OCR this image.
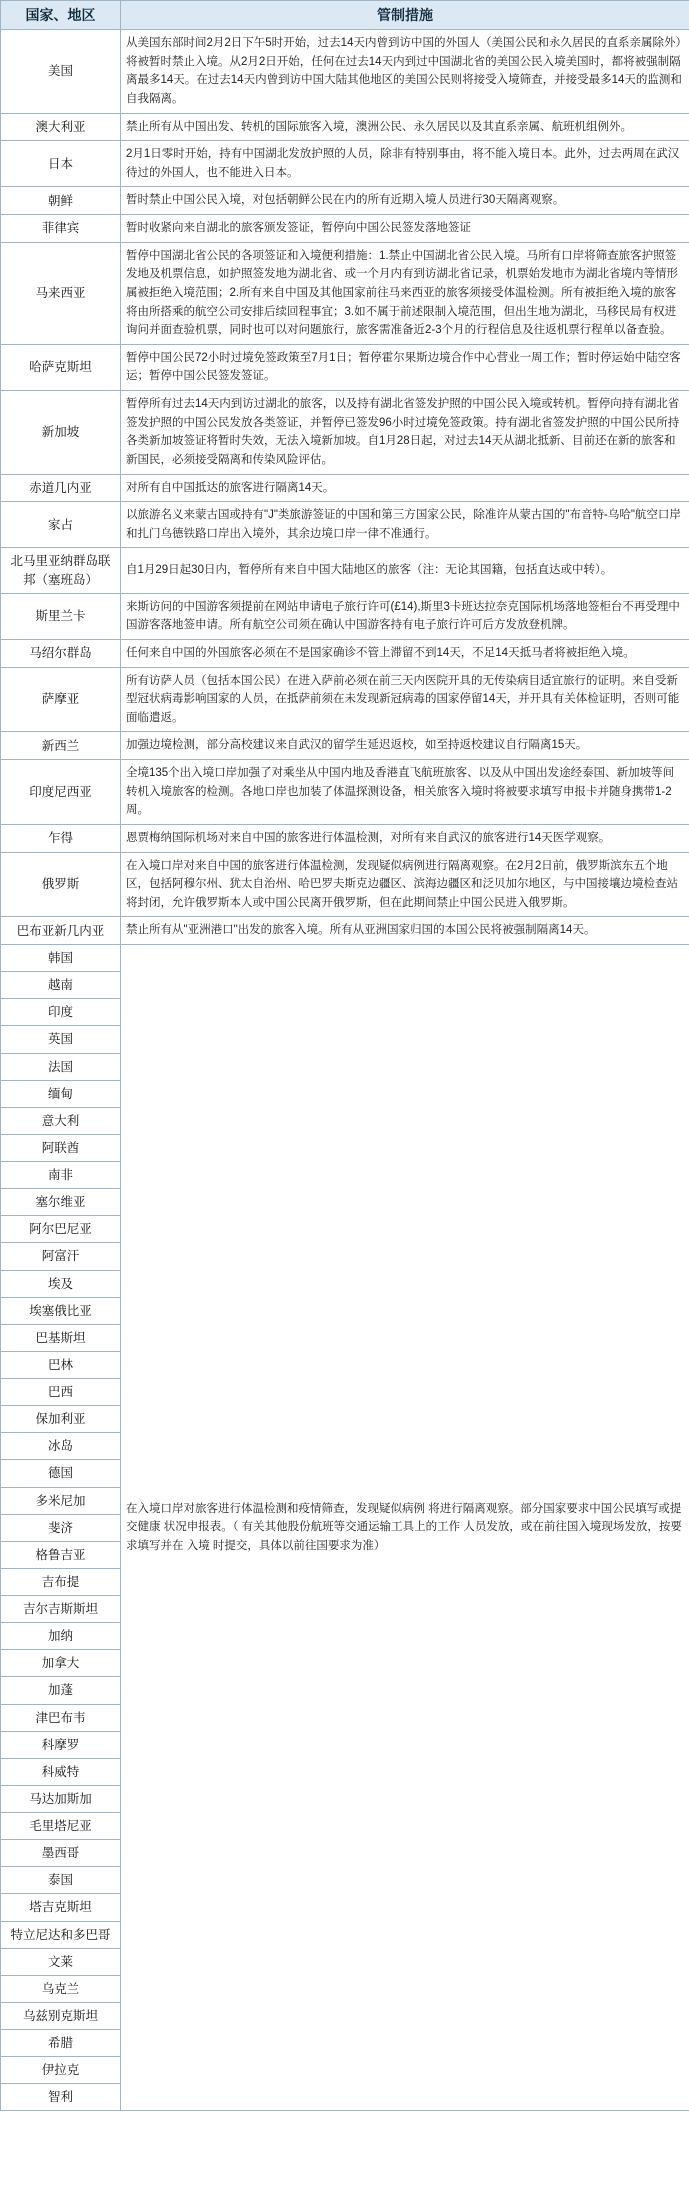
国家、地区	管制措施
美国	从美国东部时间2月2日下午5时开始，过去14天内曾到访中国的外国人（美国公民和永久居民的直系亲属除外）将被暂时禁止入境。从2月2日开始，任何在过去14天内到过中国湖北省的美国公民入境美国时，都将被强制隔离最多14天。在过去14天内曾到访中国大陆其他地区的美国公民则将接受入境筛查，并接受最多14天的监测和自我隔离。
澳大利亚	禁止所有从中国出发、转机的国际旅客入境，澳洲公民、永久居民以及其直系亲属、航班机组例外。
日本	2月1日零时开始，持有中国湖北发放护照的人员，除非有特别事由，将不能入境日本。此外，过去两周在武汉待过的外国人，也不能进入日本。
朝鲜	暂时禁止中国公民入境，对包括朝鲜公民在内的所有近期入境人员进行30天隔离观察。
菲律宾	暂时收紧向来自湖北的旅客颁发签证，暂停向中国公民签发落地签证
马来西亚	暂停中国湖北省公民的各项签证和入境便利措施：1.禁止中国湖北省公民入境。马所有口岸将筛查旅客护照签发地及机票信息，如护照签发地为湖北省、或一个月内有到访湖北省记录，机票始发地市为湖北省境内等情形属被拒绝入境范围；2.所有来自中国及其他国家前往马来西亚的旅客须接受体温检测。所有被拒绝入境的旅客将由所搭乘的航空公司安排后续回程事宜；3.如不属于前述限制入境范围，但出生地为湖北，马移民局有权进询问并面查验机票，同时也可以对问题旅行，旅客需准备近2-3个月的行程信息及往返机票行程单以备查验。
哈萨克斯坦	暂停中国公民72小时过境免签政策至7月1日；暂停霍尔果斯边境合作中心营业一周工作；暂时停运始中陆空客运；暂停中国公民签发签证。
新加坡	暂停所有过去14天内到访过湖北的旅客，以及持有湖北省签发护照的中国公民入境或转机。暂停向持有湖北省签发护照的中国公民发放各类签证，并暂停已签发96小时过境免签政策。持有湖北省签发护照的中国公民所持各类新加坡签证将暂时失效，无法入境新加坡。自1月28日起，对过去14天从湖北抵新、目前还在新的旅客和新国民，必须接受隔离和传染风险评估。
赤道几内亚	对所有自中国抵达的旅客进行隔离14天。
家占	以旅游名义来蒙古国或持有"J"类旅游签证的中国和第三方国家公民，除准许从蒙古国的"布音特-乌哈"航空口岸和扎门乌德铁路口岸出入境外，其余边境口岸一律不准通行。
北马里亚纳群岛联邦（塞班岛）	自1月29日起30日内，暂停所有来自中国大陆地区的旅客（注：无论其国籍，包括直达或中转）。
斯里兰卡	来斯访问的中国游客须提前在网站申请电子旅行许可(£14),斯里3卡班达拉奈克国际机场落地签柜台不再受理中国游客落地签申请。所有航空公司须在确认中国游客持有电子旅行许可后方发放登机牌。
马绍尔群岛	任何来自中国的外国旅客必须在不是国家确诊不管上滞留不到14天，不足14天抵马者将被拒绝入境。
萨摩亚	所有访萨人员（包括本国公民）在进入萨前必须在前三天内医院开具的无传染病目适宜旅行的证明。来自受新型冠状病毒影响国家的人员，在抵萨前须在未发现新冠病毒的国家停留14天，并开具有关体检证明，否则可能面临遣返。
新西兰	加强边境检测，部分高校建议来自武汉的留学生延迟返校，如至持返校建议自行隔离15天。
印度尼西亚	全境135个出入境口岸加强了对乘坐从中国内地及香港直飞航班旅客、以及从中国出发途经泰国、新加坡等间转机入境旅客的检测。各地口岸也加装了体温探测设备，相关旅客入境时将被要求填写申报卡并随身携带1-2周。
乍得	恩贾梅纳国际机场对来自中国的旅客进行体温检测，对所有来自武汉的旅客进行14天医学观察。
俄罗斯	在入境口岸对来自中国的旅客进行体温检测，发现疑似病例进行隔离观察。在2月2日前，俄罗斯滨东五个地区，包括阿穆尔州、犹太自治州、哈巴罗夫斯克边疆区、滨海边疆区和泛贝加尔地区，与中国接壤边境检查站将封闭，允许俄罗斯本人或中国公民离开俄罗斯，但在此期间禁止中国公民进入俄罗斯。
巴布亚新几内亚	禁止所有从"亚洲港口"出发的旅客入境。所有从亚洲国家归国的本国公民将被强制隔离14天。
韩国	在入境口岸对旅客进行体温检测和疫情筛查，发现疑似病例 将进行隔离观察。部分国家要求中国公民填写或提交健康 状况申报表。（ 有关其他股份航班等交通运输工具上的工作 人员发放，或在前往国入境现场发放，按要求填写并在 入境 时提交，具体以前往国要求为准）
越南	
印度	
英国	
法国	
缅甸	
意大利	
阿联酋	
南非	
塞尔维亚	
阿尔巴尼亚	
阿富汗	
埃及	
埃塞俄比亚	
巴基斯坦	
巴林	
巴西	
保加利亚	
冰岛	
德国	
多米尼加	
斐济	
格鲁吉亚	
吉布提	
吉尔吉斯斯坦	
加纳	
加拿大	
加蓬	
津巴布韦	
科摩罗	
科威特	
马达加斯加	
毛里塔尼亚	
墨西哥	
泰国	
塔吉克斯坦	
特立尼达和多巴哥	
文莱	
乌克兰	
乌兹别克斯坦	
希腊	
伊拉克	
智利	
